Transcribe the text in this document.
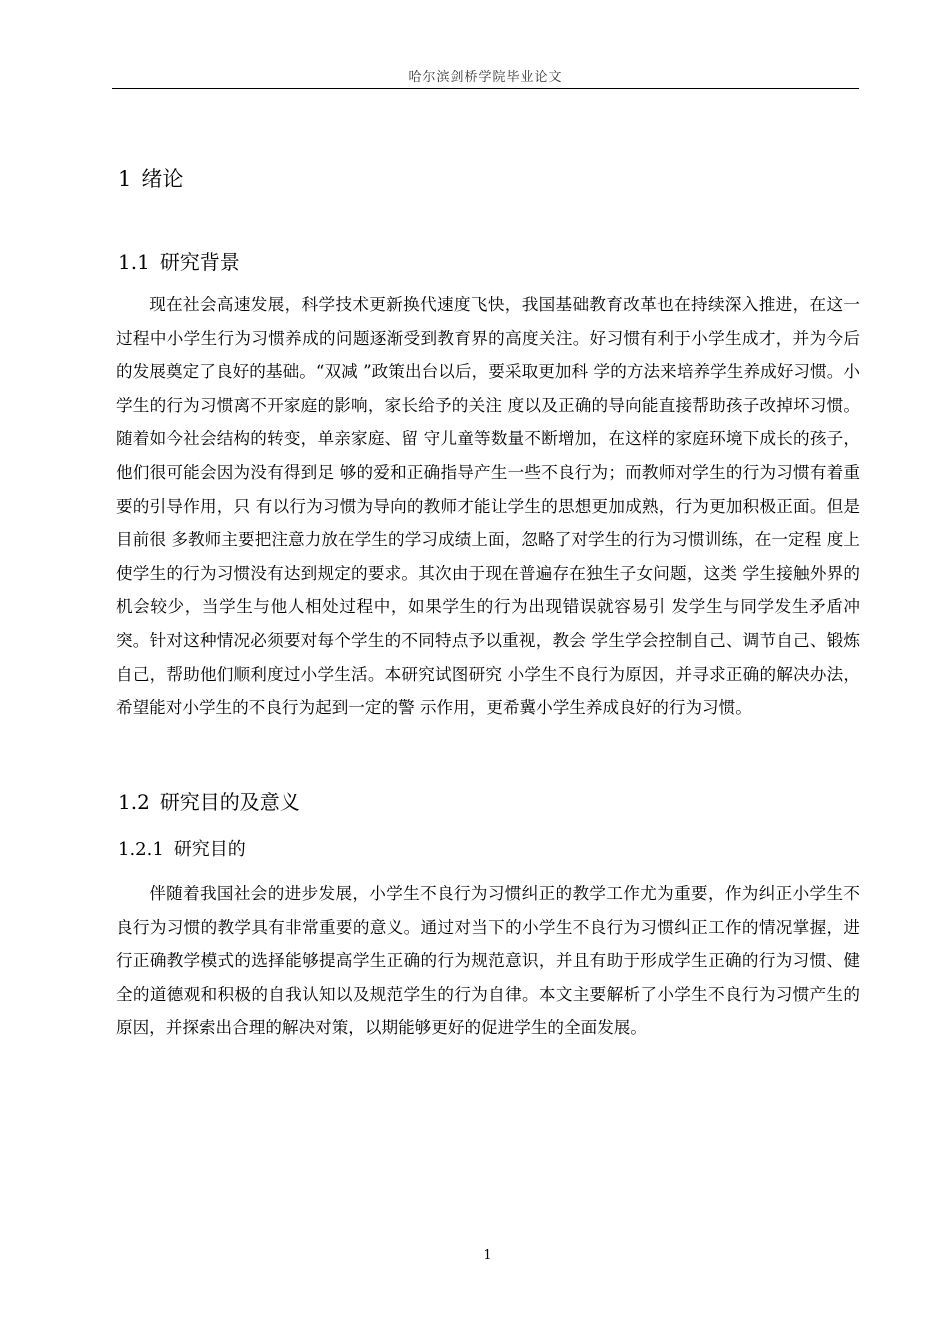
哈尔滨剑桥学院毕业论文
1 绪论
1.1 研究背景

现在社会高速发展，科学技术更新换代速度飞快，我国基础教育改革也在持续深入推进，在这一过程中小学生行为习惯养成的问题逐渐受到教育界的高度关注。好习惯有利于小学生成才，并为今后的发展奠定了良好的基础。“双减 ”政策出台以后，要采取更加科 学的方法来培养学生养成好习惯。小学生的行为习惯离不开家庭的影响，家长给予的关注 度以及正确的导向能直接帮助孩子改掉坏习惯。随着如今社会结构的转变，单亲家庭、留 守儿童等数量不断增加，在这样的家庭环境下成长的孩子，他们很可能会因为没有得到足 够的爱和正确指导产生一些不良行为；而教师对学生的行为习惯有着重要的引导作用，只 有以行为习惯为导向的教师才能让学生的思想更加成熟，行为更加积极正面。但是目前很 多教师主要把注意力放在学生的学习成绩上面，忽略了对学生的行为习惯训练，在一定程 度上使学生的行为习惯没有达到规定的要求。其次由于现在普遍存在独生子女问题，这类 学生接触外界的机会较少，当学生与他人相处过程中，如果学生的行为出现错误就容易引 发学生与同学发生矛盾冲突。针对这种情况必须要对每个学生的不同特点予以重视，教会 学生学会控制自己、调节自己、锻炼自己，帮助他们顺利度过小学生活。本研究试图研究 小学生不良行为原因，并寻求正确的解决办法，希望能对小学生的不良行为起到一定的警 示作用，更希冀小学生养成良好的行为习惯。

1.2 研究目的及意义
1.2.1 研究目的

伴随着我国社会的进步发展，小学生不良行为习惯纠正的教学工作尤为重要，作为纠正小学生不良行为习惯的教学具有非常重要的意义。通过对当下的小学生不良行为习惯纠正工作的情况掌握，进行正确教学模式的选择能够提高学生正确的行为规范意识，并且有助于形成学生正确的行为习惯、健全的道德观和积极的自我认知以及规范学生的行为自律。本文主要解析了小学生不良行为习惯产生的原因，并探索出合理的解决对策，以期能够更好的促进学生的全面发展。

1
